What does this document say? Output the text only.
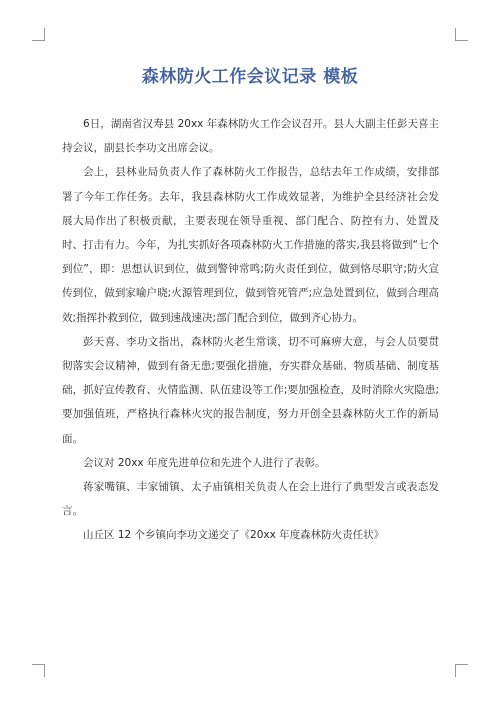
森林防火工作会议记录 模板

6日，湖南省汉寿县 20xx 年森林防火工作会议召开。县人大副主任彭天喜主持会议，副县长李功文出席会议。

会上，县林业局负责人作了森林防火工作报告，总结去年工作成绩，安排部署了今年工作任务。去年，我县森林防火工作成效显著，为维护全县经济社会发展大局作出了积极贡献，主要表现在领导重视、部门配合、防控有力、处置及时、打击有力。今年，为扎实抓好各项森林防火工作措施的落实,我县将做到“七个到位”，即：思想认识到位，做到警钟常鸣;防火责任到位，做到恪尽职守;防火宣传到位，做到家喻户晓;火源管理到位，做到管死管严;应急处置到位，做到合理高效;指挥扑救到位，做到速战速决;部门配合到位，做到齐心协力。

彭天喜、李功文指出，森林防火老生常谈，切不可麻痹大意，与会人员要贯彻落实会议精神，做到有备无患;要强化措施，夯实群众基础、物质基础、制度基础，抓好宣传教育、火情监测、队伍建设等工作;要加强检查，及时消除火灾隐患;要加强值班，严格执行森林火灾的报告制度，努力开创全县森林防火工作的新局面。

会议对 20xx 年度先进单位和先进个人进行了表彰。

蒋家嘴镇、丰家铺镇、太子庙镇相关负责人在会上进行了典型发言或表态发言。

山丘区 12 个乡镇向李功文递交了《20xx 年度森林防火责任状》
